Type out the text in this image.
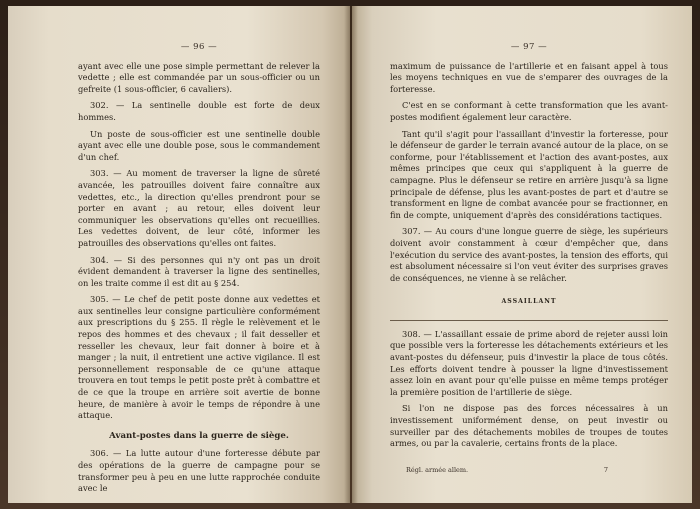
— 96 —

ayant avec elle une pose simple permettant de relever la vedette ; elle est commandée par un sous-officier ou un gefreite (1 sous-officier, 6 cavaliers).

302. — La sentinelle double est forte de deux hommes.

Un poste de sous-officier est une sentinelle double ayant avec elle une double pose, sous le commandement d'un chef.

303. — Au moment de traverser la ligne de sûreté avancée, les patrouilles doivent faire connaître aux vedettes, etc., la direction qu'elles prendront pour se porter en avant ; au retour, elles doivent leur communiquer les observations qu'elles ont recueillies. Les vedettes doivent, de leur côté, informer les patrouilles des observations qu'elles ont faites.

304. — Si des personnes qui n'y ont pas un droit évident demandent à traverser la ligne des sentinelles, on les traite comme il est dit au § 254.

305. — Le chef de petit poste donne aux vedettes et aux sentinelles leur consigne particulière conformément aux prescriptions du § 255. Il règle le relèvement et le repos des hommes et des chevaux ; il fait desseller et resseller les chevaux, leur fait donner à boire et à manger ; la nuit, il entretient une active vigilance. Il est personnellement responsable de ce qu'une attaque trouvera en tout temps le petit poste prêt à combattre et de ce que la troupe en arrière soit avertie de bonne heure, de manière à avoir le temps de répondre à une attaque.

Avant-postes dans la guerre de siège.

306. — La lutte autour d'une forteresse débute par des opérations de la guerre de campagne pour se transformer peu à peu en une lutte rapprochée conduite avec le

— 97 —

maximum de puissance de l'artillerie et en faisant appel à tous les moyens techniques en vue de s'emparer des ouvrages de la forteresse.

C'est en se conformant à cette transformation que les avant-postes modifient également leur caractère.

Tant qu'il s'agit pour l'assaillant d'investir la forteresse, pour le défenseur de garder le terrain avancé autour de la place, on se conforme, pour l'établissement et l'action des avant-postes, aux mêmes principes que ceux qui s'appliquent à la guerre de campagne. Plus le défenseur se retire en arrière jusqu'à sa ligne principale de défense, plus les avant-postes de part et d'autre se transforment en ligne de combat avancée pour se fractionner, en fin de compte, uniquement d'après des considérations tactiques.

307. — Au cours d'une longue guerre de siège, les supérieurs doivent avoir constamment à cœur d'empêcher que, dans l'exécution du service des avant-postes, la tension des efforts, qui est absolument nécessaire si l'on veut éviter des surprises graves de conséquences, ne vienne à se relâcher.

ASSAILLANT

308. — L'assaillant essaie de prime abord de rejeter aussi loin que possible vers la forteresse les détachements extérieurs et les avant-postes du défenseur, puis d'investir la place de tous côtés. Les efforts doivent tendre à pousser la ligne d'investissement assez loin en avant pour qu'elle puisse en même temps protéger la première position de l'artillerie de siège.

Si l'on ne dispose pas des forces nécessaires à un investissement uniformément dense, on peut investir ou surveiller par des détachements mobiles de troupes de toutes armes, ou par la cavalerie, certains fronts de la place.

Régl. armée allem.	7
